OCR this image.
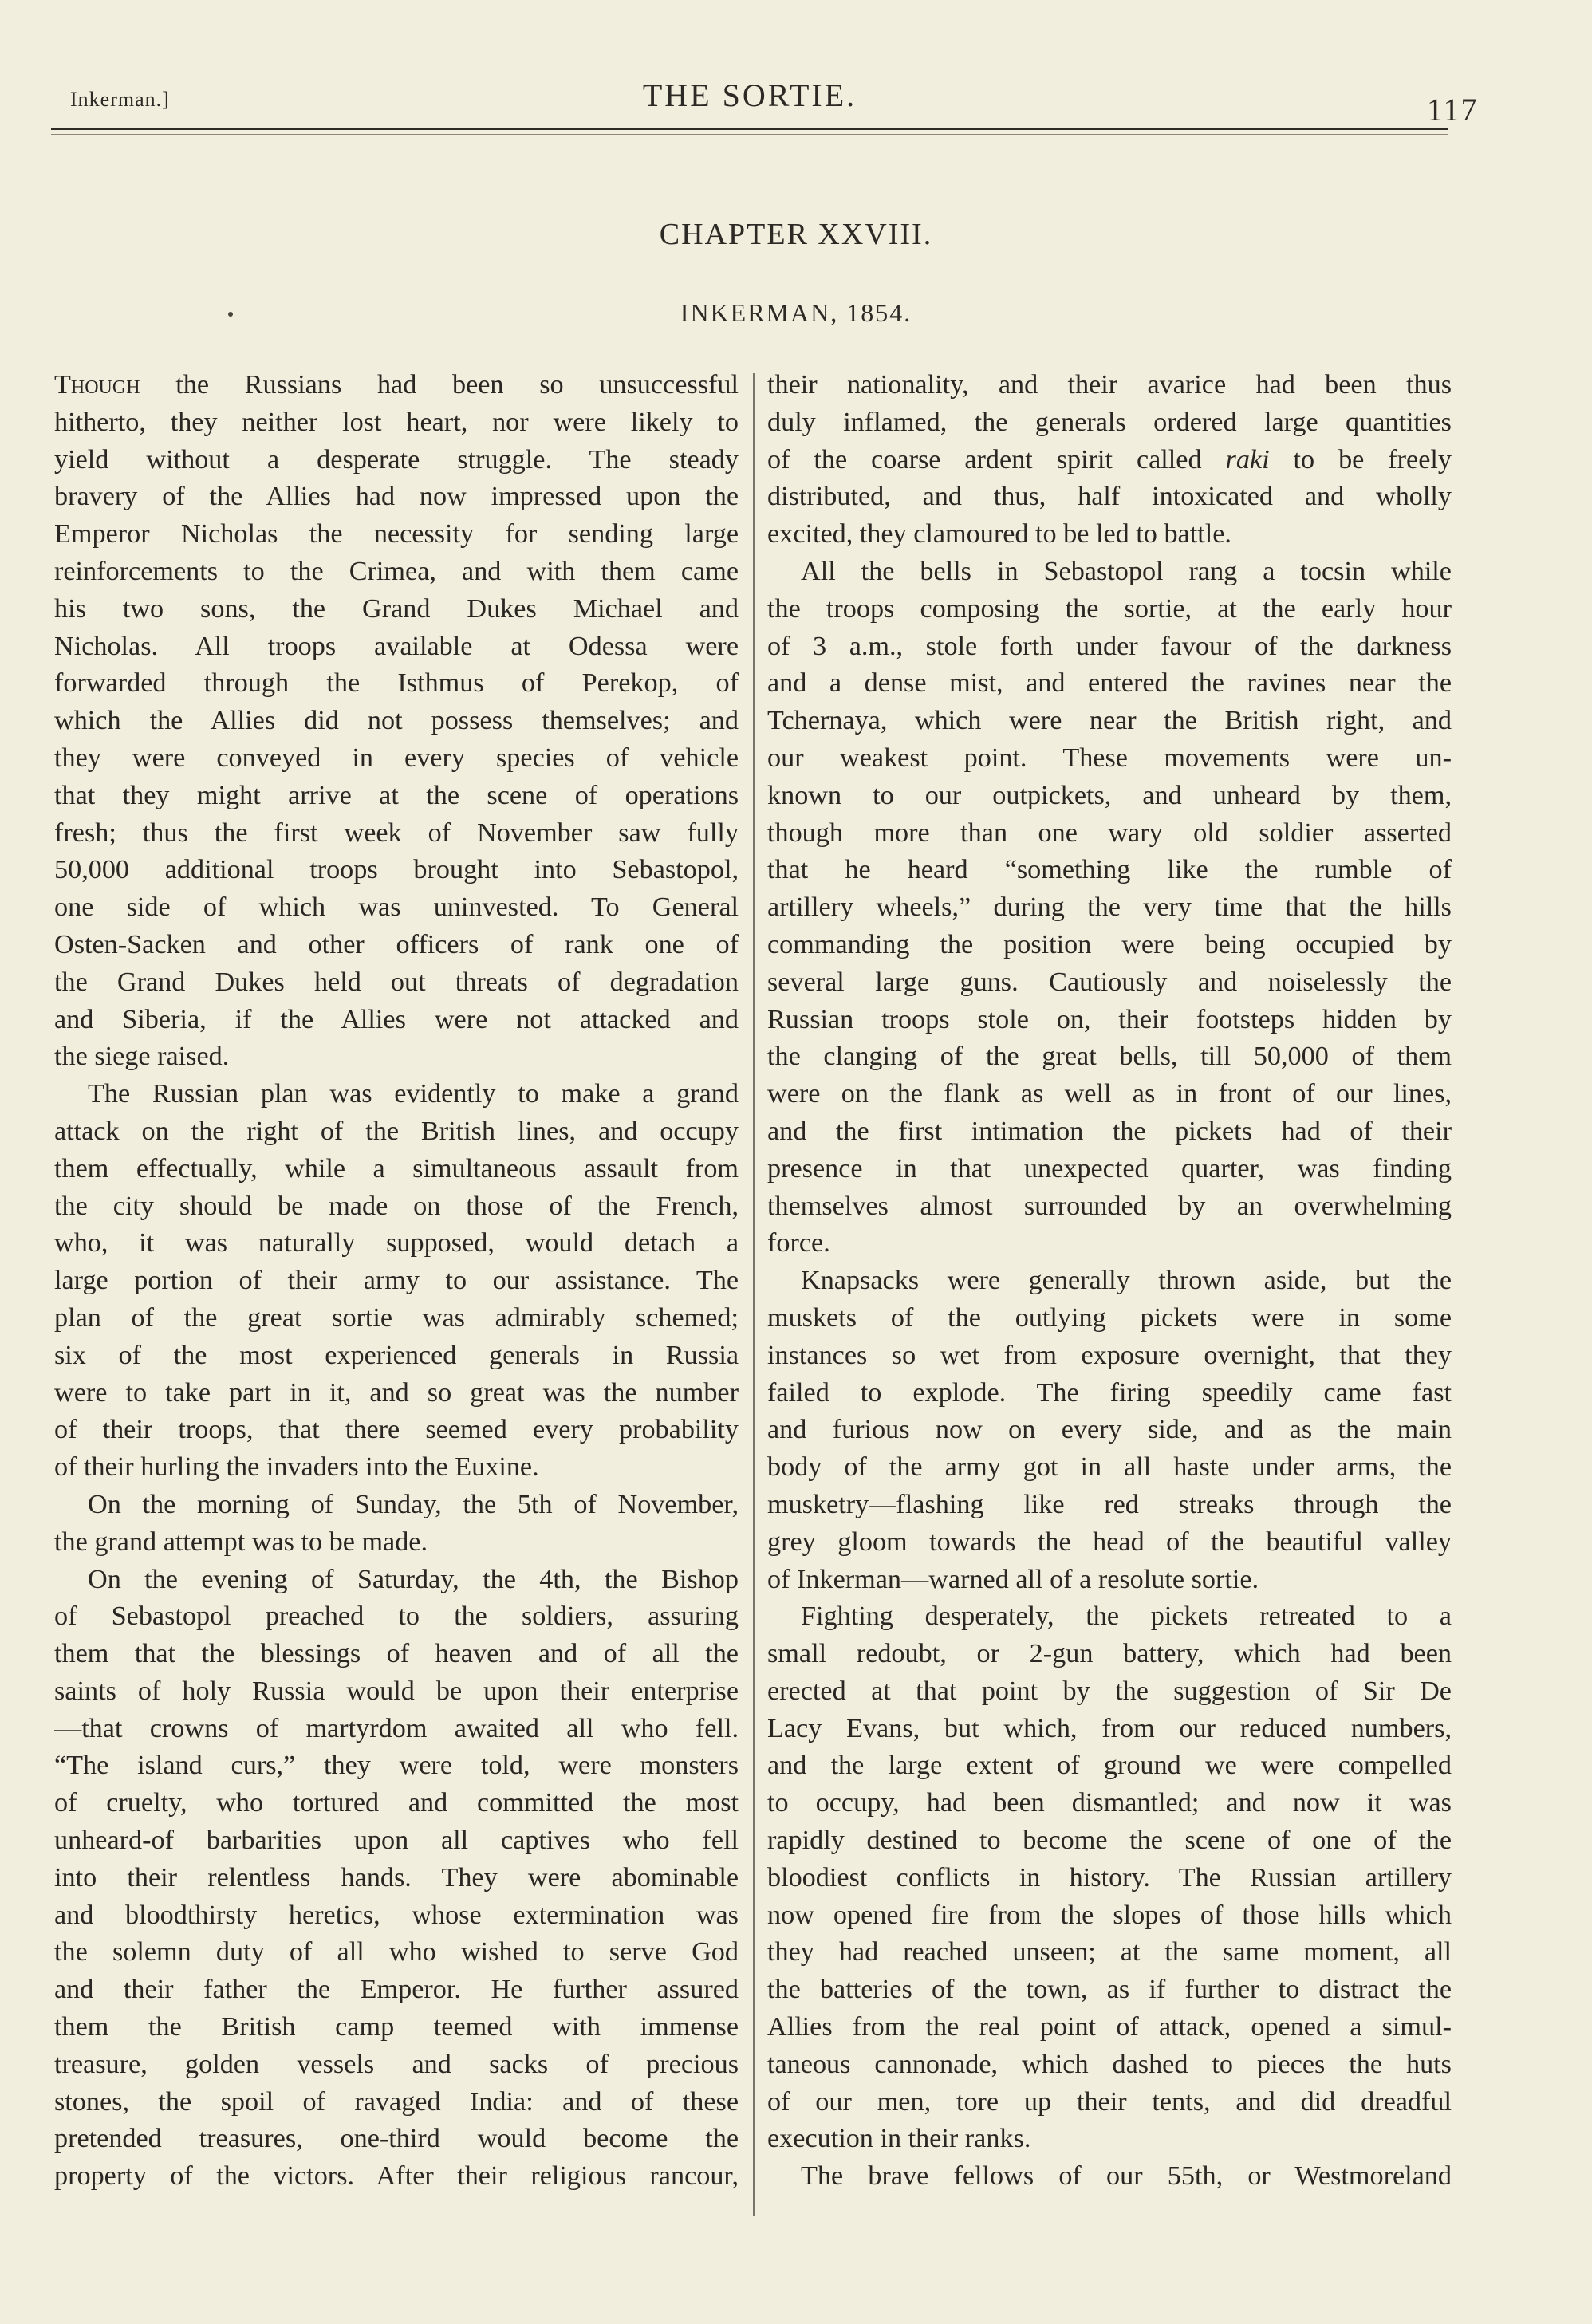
Inkerman.]	THE SORTIE.	117
CHAPTER XXVIII.
INKERMAN, 1854.
Though the Russians had been so unsuccessful
hitherto, they neither lost heart, nor were likely to
yield without a desperate struggle. The steady
bravery of the Allies had now impressed upon the
Emperor Nicholas the necessity for sending large
reinforcements to the Crimea, and with them came
his two sons, the Grand Dukes Michael and
Nicholas. All troops available at Odessa were
forwarded through the Isthmus of Perekop, of
which the Allies did not possess themselves; and
they were conveyed in every species of vehicle
that they might arrive at the scene of operations
fresh; thus the first week of November saw fully
50,000 additional troops brought into Sebastopol,
one side of which was uninvested. To General
Osten-Sacken and other officers of rank one of
the Grand Dukes held out threats of degradation
and Siberia, if the Allies were not attacked and
the siege raised.
The Russian plan was evidently to make a grand
attack on the right of the British lines, and occupy
them effectually, while a simultaneous assault from
the city should be made on those of the French,
who, it was naturally supposed, would detach a
large portion of their army to our assistance. The
plan of the great sortie was admirably schemed;
six of the most experienced generals in Russia
were to take part in it, and so great was the number
of their troops, that there seemed every probability
of their hurling the invaders into the Euxine.
On the morning of Sunday, the 5th of November,
the grand attempt was to be made.
On the evening of Saturday, the 4th, the Bishop
of Sebastopol preached to the soldiers, assuring
them that the blessings of heaven and of all the
saints of holy Russia would be upon their enterprise
—that crowns of martyrdom awaited all who fell.
“The island curs,” they were told, were monsters
of cruelty, who tortured and committed the most
unheard-of barbarities upon all captives who fell
into their relentless hands. They were abominable
and bloodthirsty heretics, whose extermination was
the solemn duty of all who wished to serve God
and their father the Emperor. He further assured
them the British camp teemed with immense
treasure, golden vessels and sacks of precious
stones, the spoil of ravaged India: and of these
pretended treasures, one-third would become the
property of the victors. After their religious rancour,
their nationality, and their avarice had been thus
duly inflamed, the generals ordered large quantities
of the coarse ardent spirit called raki to be freely
distributed, and thus, half intoxicated and wholly
excited, they clamoured to be led to battle.
All the bells in Sebastopol rang a tocsin while
the troops composing the sortie, at the early hour
of 3 a.m., stole forth under favour of the darkness
and a dense mist, and entered the ravines near the
Tchernaya, which were near the British right, and
our weakest point. These movements were un-
known to our outpickets, and unheard by them,
though more than one wary old soldier asserted
that he heard “something like the rumble of
artillery wheels,” during the very time that the hills
commanding the position were being occupied by
several large guns. Cautiously and noiselessly the
Russian troops stole on, their footsteps hidden by
the clanging of the great bells, till 50,000 of them
were on the flank as well as in front of our lines,
and the first intimation the pickets had of their
presence in that unexpected quarter, was finding
themselves almost surrounded by an overwhelming
force.
Knapsacks were generally thrown aside, but the
muskets of the outlying pickets were in some
instances so wet from exposure overnight, that they
failed to explode. The firing speedily came fast
and furious now on every side, and as the main
body of the army got in all haste under arms, the
musketry—flashing like red streaks through the
grey gloom towards the head of the beautiful valley
of Inkerman—warned all of a resolute sortie.
Fighting desperately, the pickets retreated to a
small redoubt, or 2-gun battery, which had been
erected at that point by the suggestion of Sir De
Lacy Evans, but which, from our reduced numbers,
and the large extent of ground we were compelled
to occupy, had been dismantled; and now it was
rapidly destined to become the scene of one of the
bloodiest conflicts in history. The Russian artillery
now opened fire from the slopes of those hills which
they had reached unseen; at the same moment, all
the batteries of the town, as if further to distract the
Allies from the real point of attack, opened a simul-
taneous cannonade, which dashed to pieces the huts
of our men, tore up their tents, and did dreadful
execution in their ranks.
The brave fellows of our 55th, or Westmoreland
